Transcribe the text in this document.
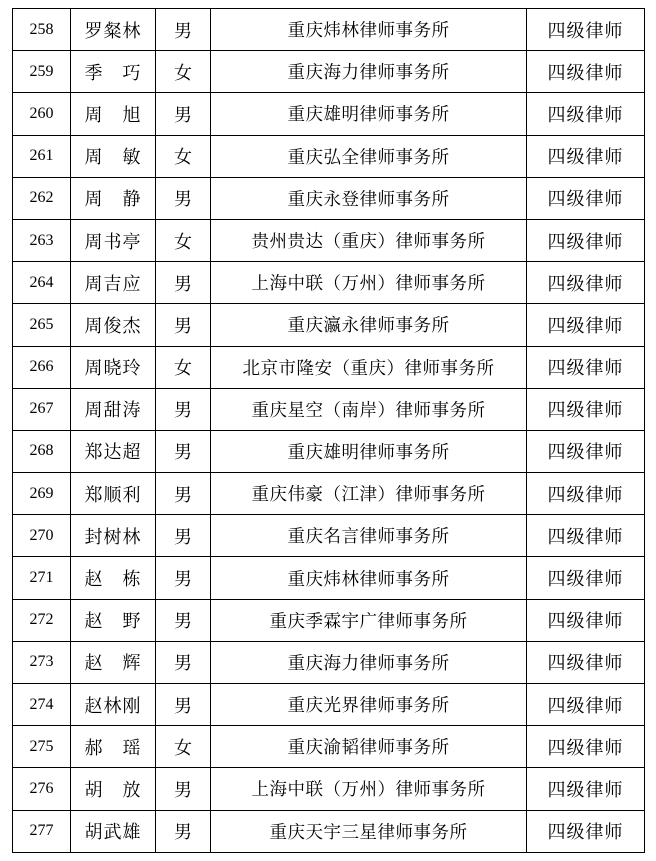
258	罗粲林	男	重庆炜林律师事务所	四级律师
259	季　巧	女	重庆海力律师事务所	四级律师
260	周　旭	男	重庆雄明律师事务所	四级律师
261	周　敏	女	重庆弘全律师事务所	四级律师
262	周　静	男	重庆永登律师事务所	四级律师
263	周书亭	女	贵州贵达（重庆）律师事务所	四级律师
264	周吉应	男	上海中联（万州）律师事务所	四级律师
265	周俊杰	男	重庆瀛永律师事务所	四级律师
266	周晓玲	女	北京市隆安（重庆）律师事务所	四级律师
267	周甜涛	男	重庆星空（南岸）律师事务所	四级律师
268	郑达超	男	重庆雄明律师事务所	四级律师
269	郑顺利	男	重庆伟豪（江津）律师事务所	四级律师
270	封树林	男	重庆名言律师事务所	四级律师
271	赵　栋	男	重庆炜林律师事务所	四级律师
272	赵　野	男	重庆季霖宇广律师事务所	四级律师
273	赵　辉	男	重庆海力律师事务所	四级律师
274	赵林刚	男	重庆光界律师事务所	四级律师
275	郝　瑶	女	重庆渝韬律师事务所	四级律师
276	胡　放	男	上海中联（万州）律师事务所	四级律师
277	胡武雄	男	重庆天宇三星律师事务所	四级律师
